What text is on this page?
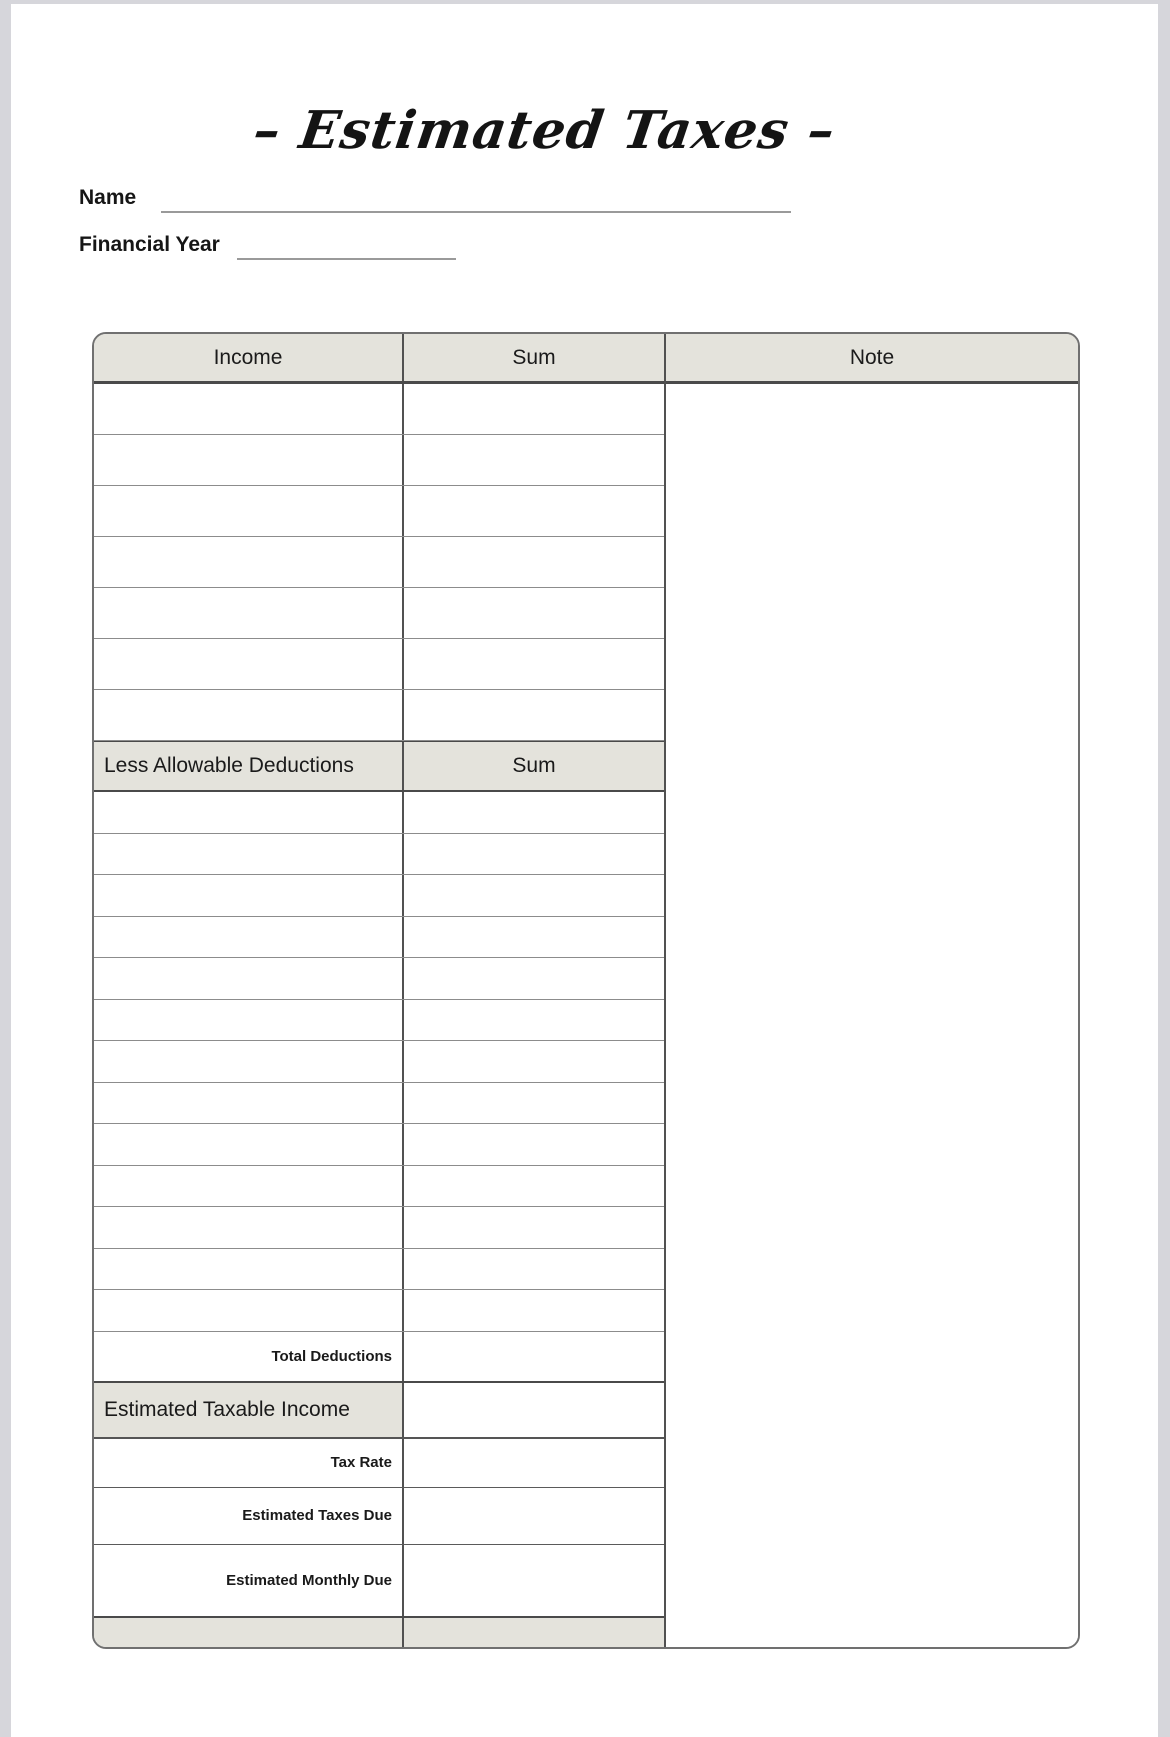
– Estimated Taxes –
Name
Financial Year
Income	Sum
Less Allowable Deductions	Sum
Total Deductions
Estimated Taxable Income
Tax Rate
Estimated Taxes Due
Estimated Monthly Due
Note
